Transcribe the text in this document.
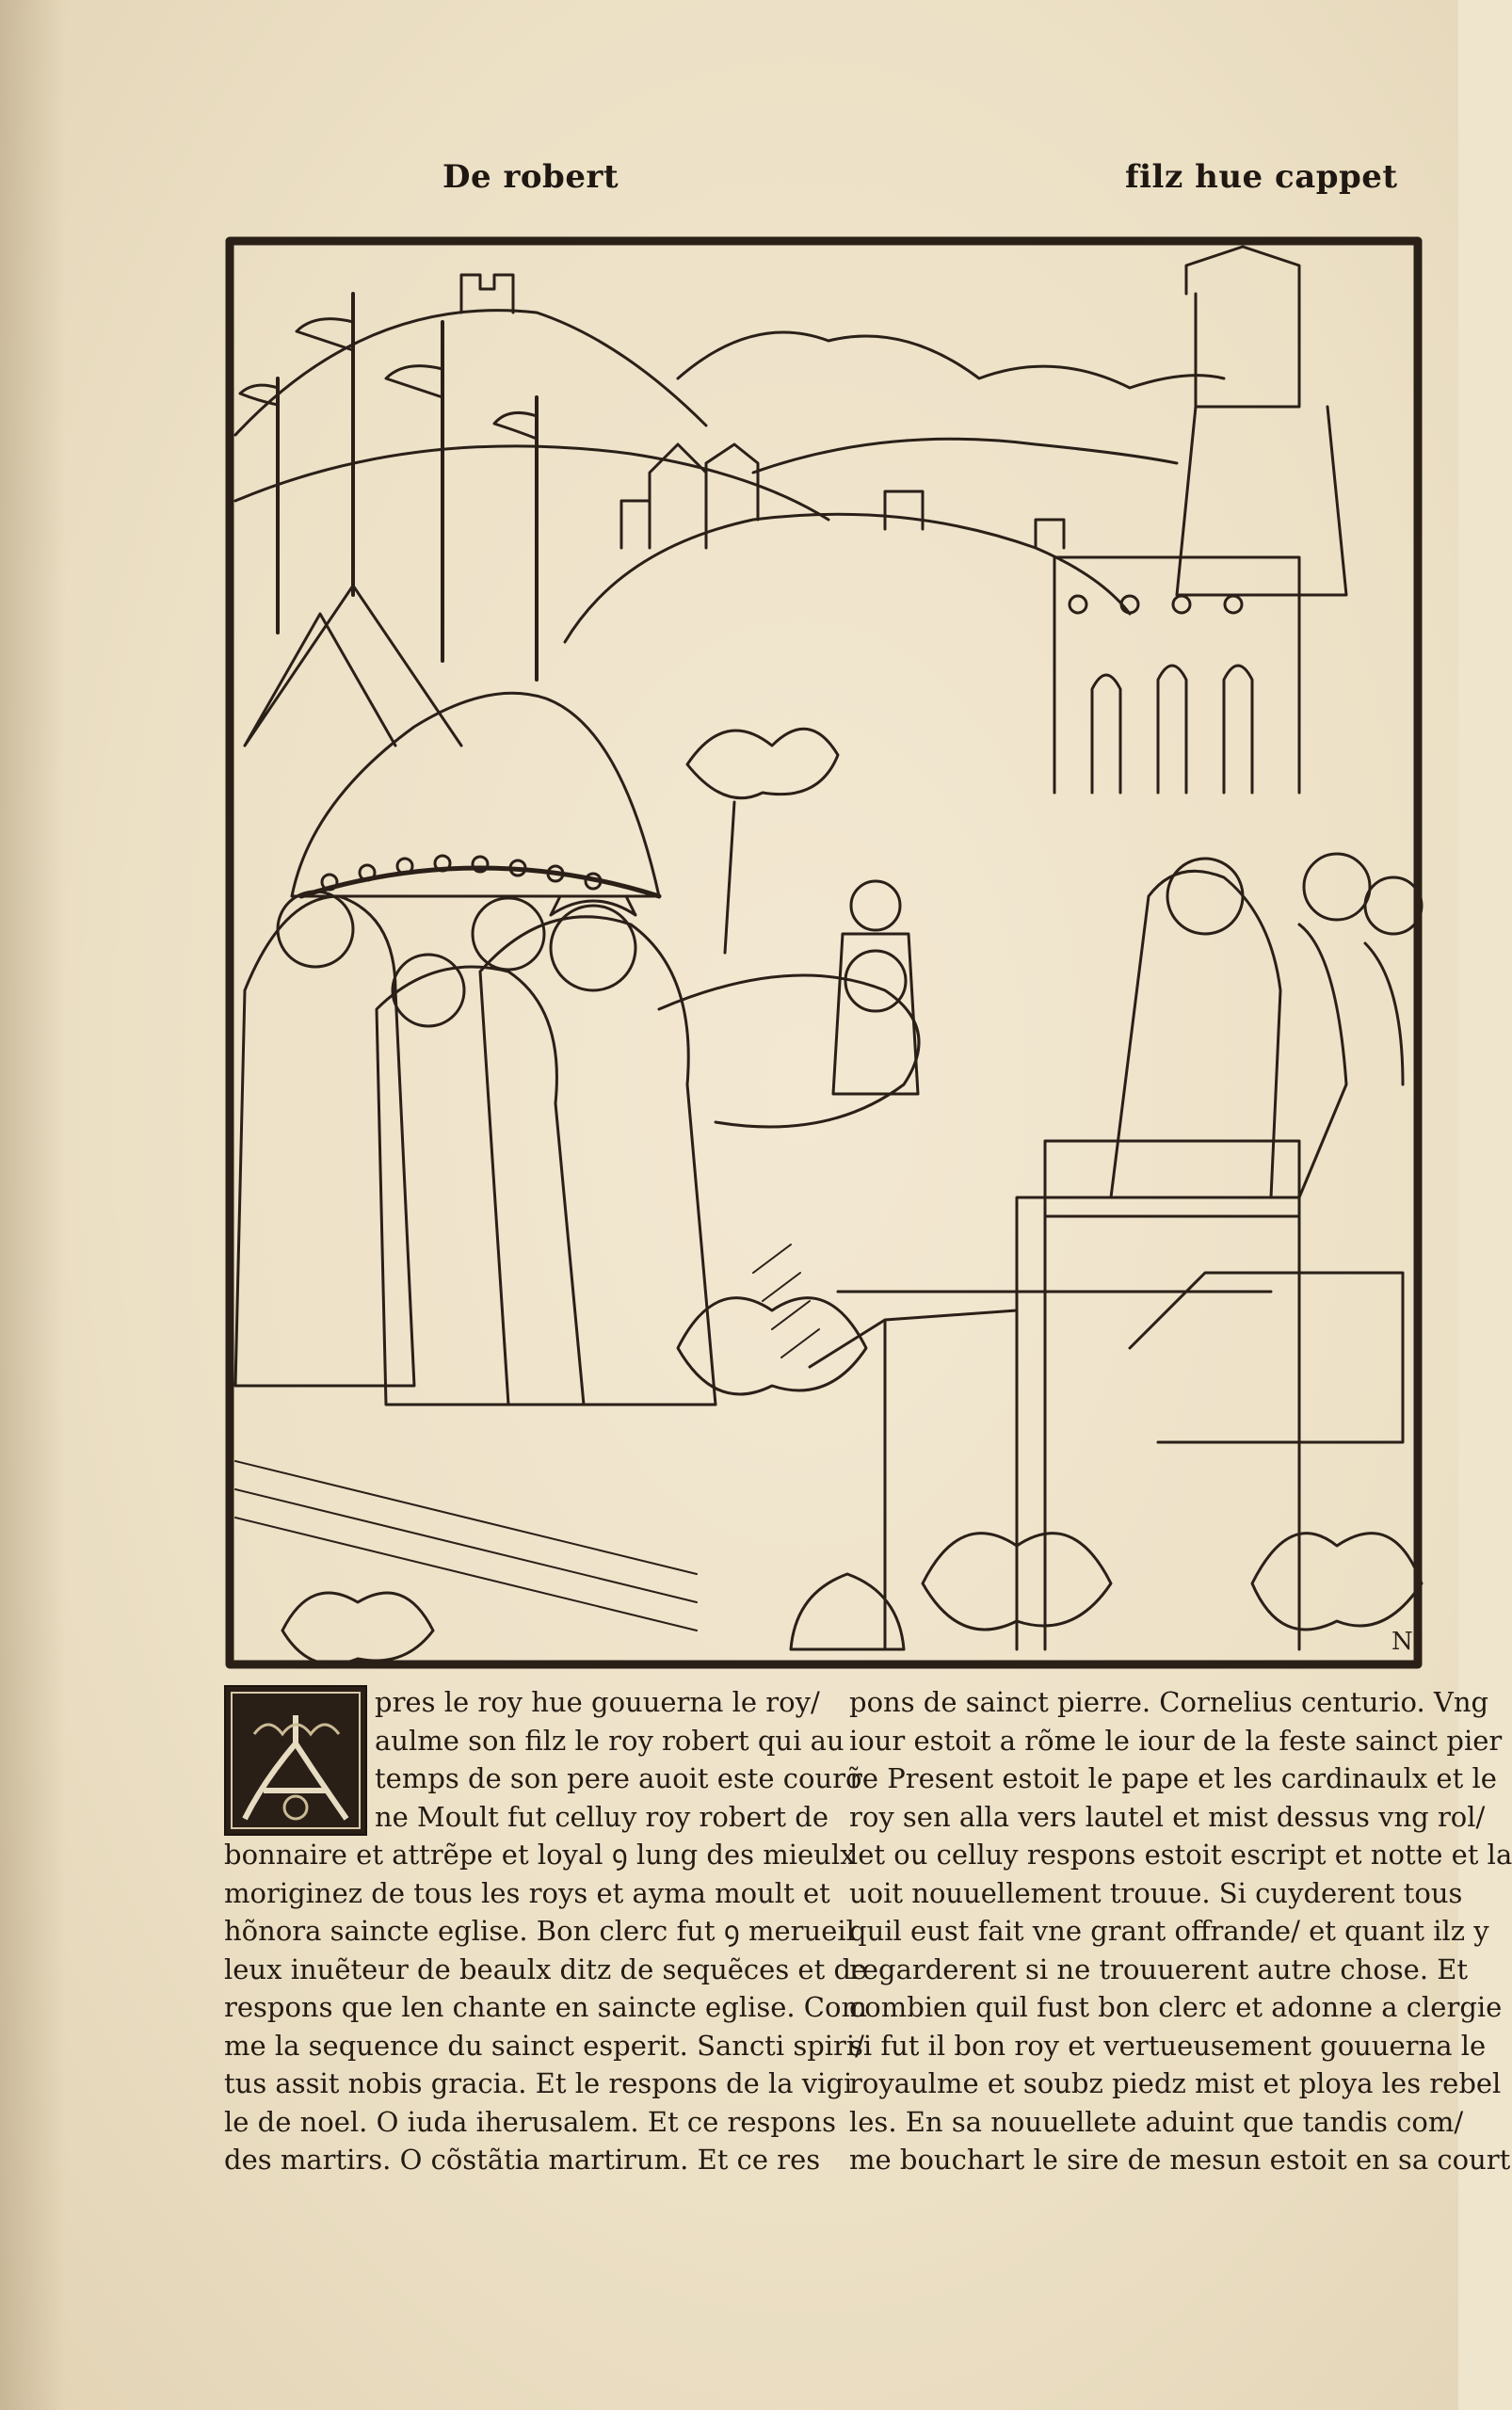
De robert	filz hue cappet
N
pres le roy hue gouuerna le roy/
aulme son filz le roy robert qui au
temps de son pere auoit este courõ
ne Moult fut celluy roy robert de
bonnaire et attrẽpe et loyal ꝯ lung des mieulx
moriginez de tous les roys et ayma moult et
hõnora saincte eglise. Bon clerc fut ꝯ merueil
leux inuẽteur de beaulx ditz de sequẽces et de
respons que len chante en saincte eglise. Com
me la sequence du sainct esperit. Sancti spiri/
tus assit nobis gracia. Et le respons de la vigi
le de noel. O iuda iherusalem. Et ce respons
des martirs. O cõstãtia martirum. Et ce res
pons de sainct pierre. Cornelius centurio. Vng
iour estoit a rõme le iour de la feste sainct pier
re Present estoit le pape et les cardinaulx et le
roy sen alla vers lautel et mist dessus vng rol/
let ou celluy respons estoit escript et notte et la
uoit nouuellement trouue. Si cuyderent tous
quil eust fait vne grant offrande/ et quant ilz y
regarderent si ne trouuerent autre chose. Et
combien quil fust bon clerc et adonne a clergie
si fut il bon roy et vertueusement gouuerna le
royaulme et soubz piedz mist et ploya les rebel
les. En sa nouuellete aduint que tandis com/
me bouchart le sire de mesun estoit en sa court
